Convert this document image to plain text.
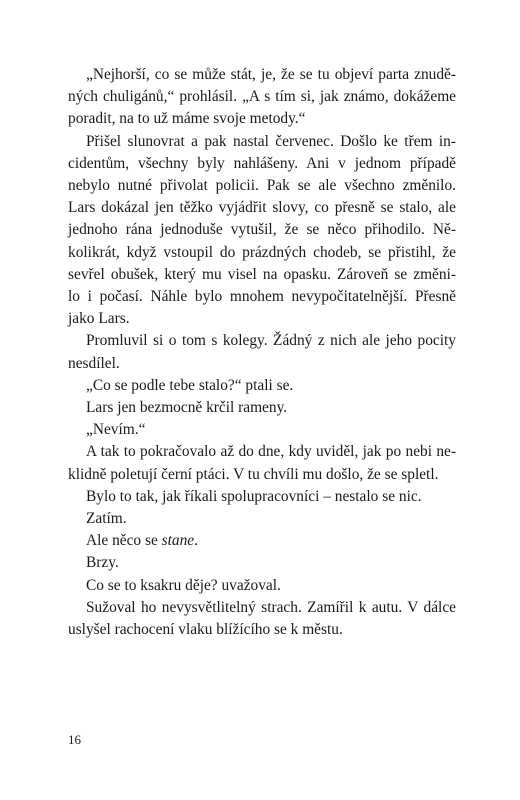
„Nejhorší, co se může stát, je, že se tu objeví parta znudě-
ných chuligánů,“ prohlásil. „A s tím si, jak známo, dokážeme
poradit, na to už máme svoje metody.“

Přišel slunovrat a pak nastal červenec. Došlo ke třem in-
cidentům, všechny byly nahlášeny. Ani v jednom případě
nebylo nutné přivolat policii. Pak se ale všechno změnilo.
Lars dokázal jen těžko vyjádřit slovy, co přesně se stalo, ale
jednoho rána jednoduše vytušil, že se něco přihodilo. Ně-
kolikrát, když vstoupil do prázdných chodeb, se přistihl, že
sevřel obušek, který mu visel na opasku. Zároveň se změni-
lo i počasí. Náhle bylo mnohem nevypočitatelnější. Přesně
jako Lars.

Promluvil si o tom s kolegy. Žádný z nich ale jeho pocity
nesdílel.

„Co se podle tebe stalo?“ ptali se.

Lars jen bezmocně krčil rameny.

„Nevím.“

A tak to pokračovalo až do dne, kdy uviděl, jak po nebi ne-
klidně poletují černí ptáci. V tu chvíli mu došlo, že se spletl.

Bylo to tak, jak říkali spolupracovníci – nestalo se nic.

Zatím.

Ale něco se stane.

Brzy.

Co se to ksakru děje? uvažoval.

Sužoval ho nevysvětlitelný strach. Zamířil k autu. V dálce
uslyšel rachocení vlaku blížícího se k městu.

16
